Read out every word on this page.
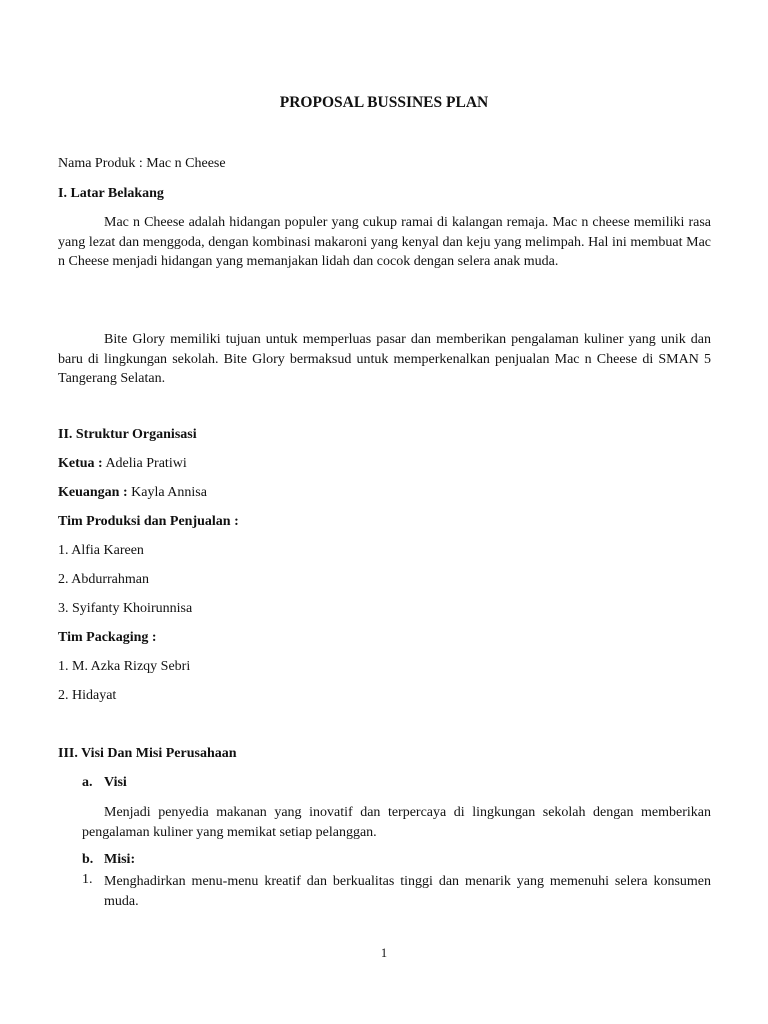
PROPOSAL BUSSINES PLAN

Nama Produk : Mac n Cheese

I. Latar Belakang

Mac n Cheese adalah hidangan populer yang cukup ramai di kalangan remaja. Mac n cheese memiliki rasa yang lezat dan menggoda, dengan kombinasi makaroni yang kenyal dan keju yang melimpah. Hal ini membuat Mac n Cheese menjadi hidangan yang memanjakan lidah dan cocok dengan selera anak muda.

Bite Glory memiliki tujuan untuk memperluas pasar dan memberikan pengalaman kuliner yang unik dan baru di lingkungan sekolah. Bite Glory bermaksud untuk memperkenalkan penjualan Mac n Cheese di SMAN 5 Tangerang Selatan.

II. Struktur Organisasi

Ketua : Adelia Pratiwi

Keuangan : Kayla Annisa

Tim Produksi dan Penjualan :

1. Alfia Kareen

2. Abdurrahman

3. Syifanty Khoirunnisa

Tim Packaging :

1. M. Azka Rizqy Sebri

2. Hidayat

III. Visi Dan Misi Perusahaan

a. Visi

Menjadi penyedia makanan yang inovatif dan terpercaya di lingkungan sekolah dengan memberikan pengalaman kuliner yang memikat setiap pelanggan.

b. Misi:

1. Menghadirkan menu-menu kreatif dan berkualitas tinggi dan menarik yang memenuhi selera konsumen muda.

1
